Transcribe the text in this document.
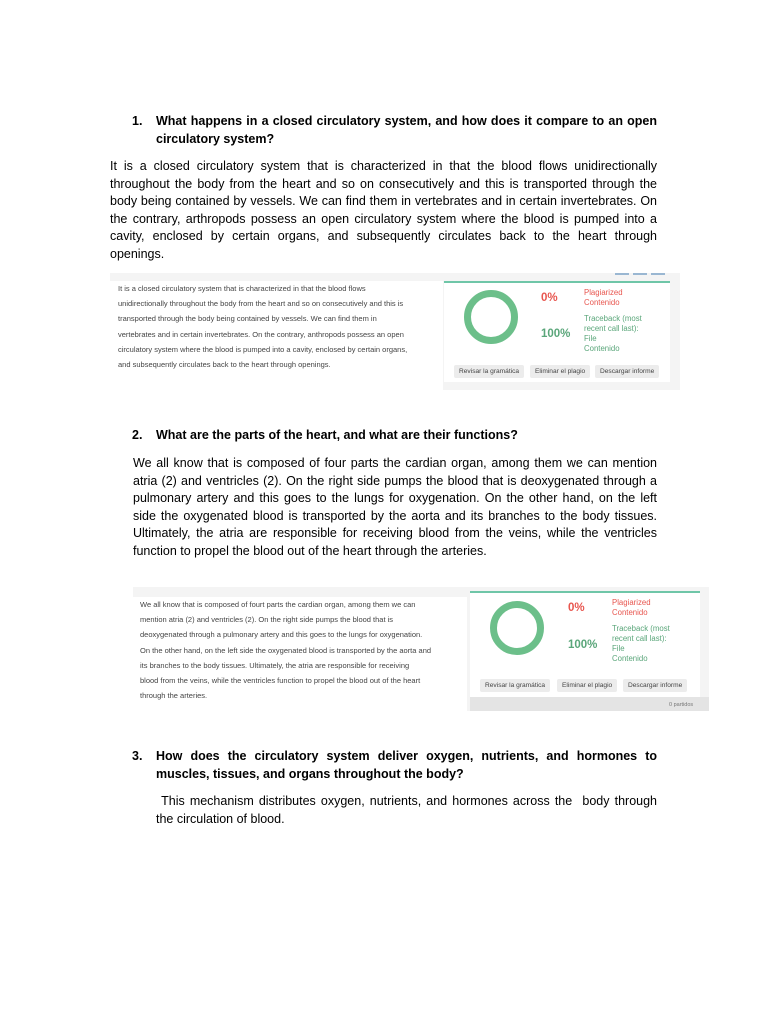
1. What happens in a closed circulatory system, and how does it compare to an open circulatory system?
It is a closed circulatory system that is characterized in that the blood flows unidirectionally throughout the body from the heart and so on consecutively and this is transported through the body being contained by vessels. We can find them in vertebrates and in certain invertebrates. On the contrary, arthropods possess an open circulatory system where the blood is pumped into a cavity, enclosed by certain organs, and subsequently circulates back to the heart through openings.

It is a closed circulatory system that is characterized in that the blood flows

unidirectionally throughout the body from the heart and so on consecutively and this is

transported through the body being contained by vessels. We can find them in

vertebrates and in certain invertebrates. On the contrary, anthropods possess an open

circulatory system where the blood is pumped into a cavity, enclosed by certain organs,

and subsequently circulates back to the heart through openings.

0%	Plagiarized
Contenido
100%
Traceback (most
recent call last):
File
Contenido
Revisar la gramática	Eliminar el plagio	Descargar informe
2. What are the parts of the heart, and what are their functions?
We all know that is composed of four parts the cardian organ, among them we can mention atria (2) and ventricles (2). On the right side pumps the blood that is deoxygenated through a pulmonary artery and this goes to the lungs for oxygenation. On the other hand, on the left side the oxygenated blood is transported by the aorta and its branches to the body tissues. Ultimately, the atria are responsible for receiving blood from the veins, while the ventricles function to propel the blood out of the heart through the arteries.

We all know that is composed of fourt parts the cardian organ, among them we can

mention atria (2) and ventricles (2). On the right side pumps the blood that is

deoxygenated through a pulmonary artery and this goes to the lungs for oxygenation.

On the other hand, on the left side the oxygenated blood is transported by the aorta and

its branches to the body tissues. Ultimately, the atria are responsible for receiving

blood from the veins, while the ventricles function to propel the blood out of the heart

through the arteries.

0%	Plagiarized
Contenido
100%
Traceback (most
recent call last):
File
Contenido
Revisar la gramática	Eliminar el plagio	Descargar informe
0 partidos
3. How does the circulatory system deliver oxygen, nutrients, and hormones to muscles, tissues, and organs throughout the body?
This mechanism distributes oxygen, nutrients, and hormones across the  body through the circulation of blood.
